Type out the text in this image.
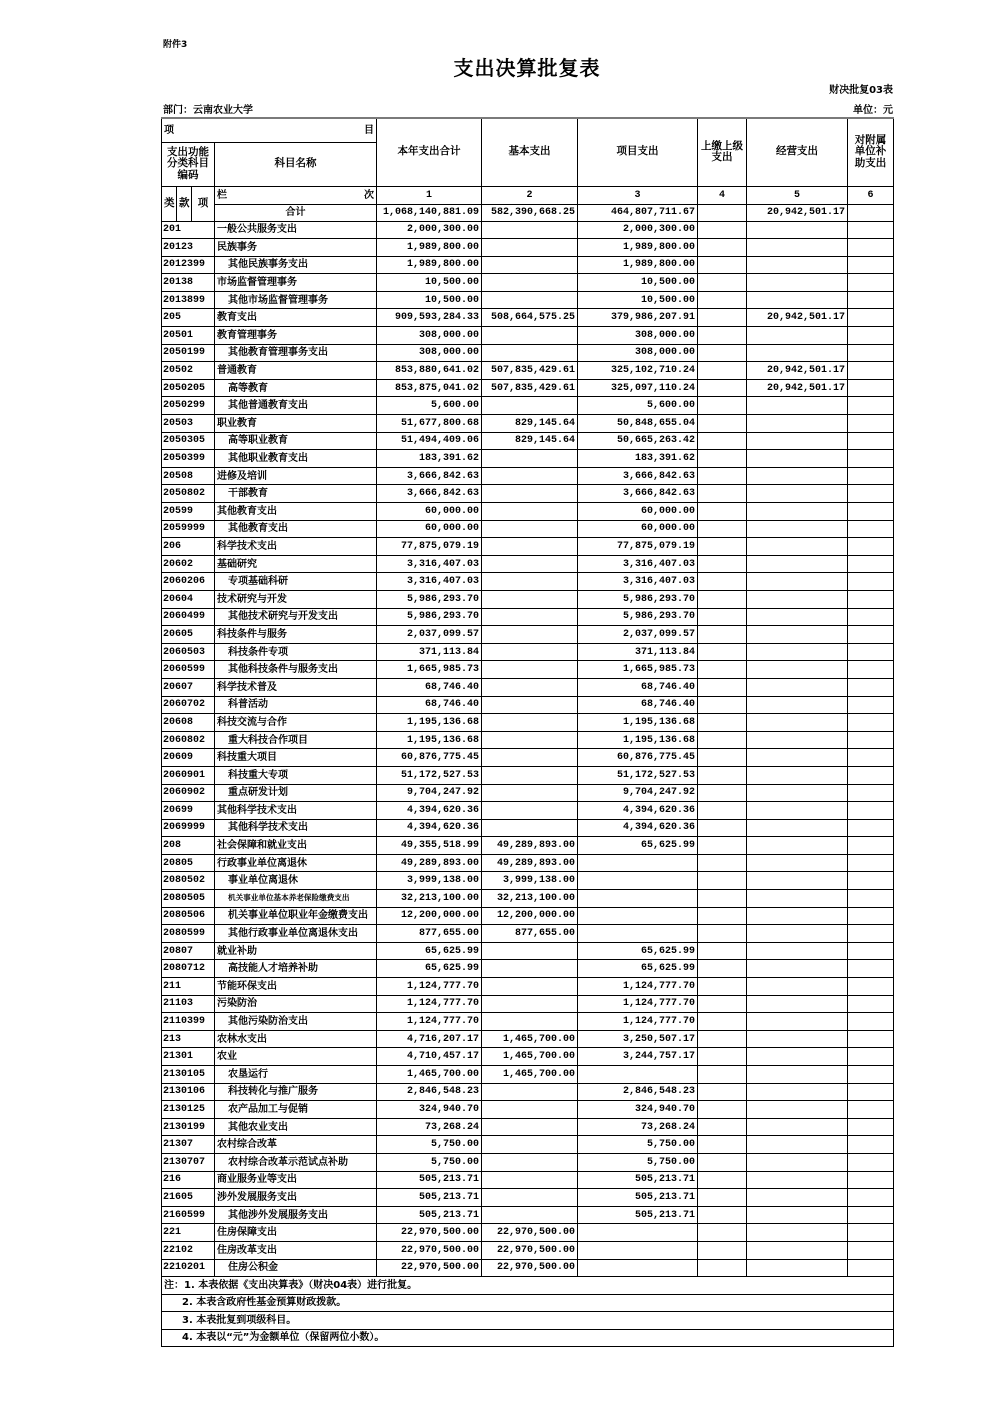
附件3
支出决算批复表
财决批复03表
部门：云南农业大学	单位：元
项 目				本年支出合计	基本支出	项目支出	上缴上级支出	经营支出	对附属单位补助支出
支出功能分类科目编码			科目名称						
类	款	项	栏 次	1	2	3	4	5	6
			合计	1,068,140,881.09	582,390,668.25	464,807,711.67		20,942,501.17	
201			一般公共服务支出	2,000,300.00		2,000,300.00			
20123			民族事务	1,989,800.00		1,989,800.00			
2012399			其他民族事务支出	1,989,800.00		1,989,800.00			
20138			市场监督管理事务	10,500.00		10,500.00			
2013899			其他市场监督管理事务	10,500.00		10,500.00			
205			教育支出	909,593,284.33	508,664,575.25	379,986,207.91		20,942,501.17	
20501			教育管理事务	308,000.00		308,000.00			
2050199			其他教育管理事务支出	308,000.00		308,000.00			
20502			普通教育	853,880,641.02	507,835,429.61	325,102,710.24		20,942,501.17	
2050205			高等教育	853,875,041.02	507,835,429.61	325,097,110.24		20,942,501.17	
2050299			其他普通教育支出	5,600.00		5,600.00			
20503			职业教育	51,677,800.68	829,145.64	50,848,655.04			
2050305			高等职业教育	51,494,409.06	829,145.64	50,665,263.42			
2050399			其他职业教育支出	183,391.62		183,391.62			
20508			进修及培训	3,666,842.63		3,666,842.63			
2050802			干部教育	3,666,842.63		3,666,842.63			
20599			其他教育支出	60,000.00		60,000.00			
2059999			其他教育支出	60,000.00		60,000.00			
206			科学技术支出	77,875,079.19		77,875,079.19			
20602			基础研究	3,316,407.03		3,316,407.03			
2060206			专项基础科研	3,316,407.03		3,316,407.03			
20604			技术研究与开发	5,986,293.70		5,986,293.70			
2060499			其他技术研究与开发支出	5,986,293.70		5,986,293.70			
20605			科技条件与服务	2,037,099.57		2,037,099.57			
2060503			科技条件专项	371,113.84		371,113.84			
2060599			其他科技条件与服务支出	1,665,985.73		1,665,985.73			
20607			科学技术普及	68,746.40		68,746.40			
2060702			科普活动	68,746.40		68,746.40			
20608			科技交流与合作	1,195,136.68		1,195,136.68			
2060802			重大科技合作项目	1,195,136.68		1,195,136.68			
20609			科技重大项目	60,876,775.45		60,876,775.45			
2060901			科技重大专项	51,172,527.53		51,172,527.53			
2060902			重点研发计划	9,704,247.92		9,704,247.92			
20699			其他科学技术支出	4,394,620.36		4,394,620.36			
2069999			其他科学技术支出	4,394,620.36		4,394,620.36			
208			社会保障和就业支出	49,355,518.99	49,289,893.00	65,625.99			
20805			行政事业单位离退休	49,289,893.00	49,289,893.00				
2080502			事业单位离退休	3,999,138.00	3,999,138.00				
2080505			机关事业单位基本养老保险缴费支出	32,213,100.00	32,213,100.00				
2080506			机关事业单位职业年金缴费支出	12,200,000.00	12,200,000.00				
2080599			其他行政事业单位离退休支出	877,655.00	877,655.00				
20807			就业补助	65,625.99		65,625.99			
2080712			高技能人才培养补助	65,625.99		65,625.99			
211			节能环保支出	1,124,777.70		1,124,777.70			
21103			污染防治	1,124,777.70		1,124,777.70			
2110399			其他污染防治支出	1,124,777.70		1,124,777.70			
213			农林水支出	4,716,207.17	1,465,700.00	3,250,507.17			
21301			农业	4,710,457.17	1,465,700.00	3,244,757.17			
2130105			农垦运行	1,465,700.00	1,465,700.00				
2130106			科技转化与推广服务	2,846,548.23		2,846,548.23			
2130125			农产品加工与促销	324,940.70		324,940.70			
2130199			其他农业支出	73,268.24		73,268.24			
21307			农村综合改革	5,750.00		5,750.00			
2130707			农村综合改革示范试点补助	5,750.00		5,750.00			
216			商业服务业等支出	505,213.71		505,213.71			
21605			涉外发展服务支出	505,213.71		505,213.71			
2160599			其他涉外发展服务支出	505,213.71		505,213.71			
221			住房保障支出	22,970,500.00	22,970,500.00				
22102			住房改革支出	22,970,500.00	22,970,500.00				
2210201			住房公积金	22,970,500.00	22,970,500.00				
注：1. 本表依据《支出决算表》（财决04表）进行批复。									
2. 本表含政府性基金预算财政拨款。									
3. 本表批复到项级科目。									
4. 本表以“元”为金额单位（保留两位小数）。									
